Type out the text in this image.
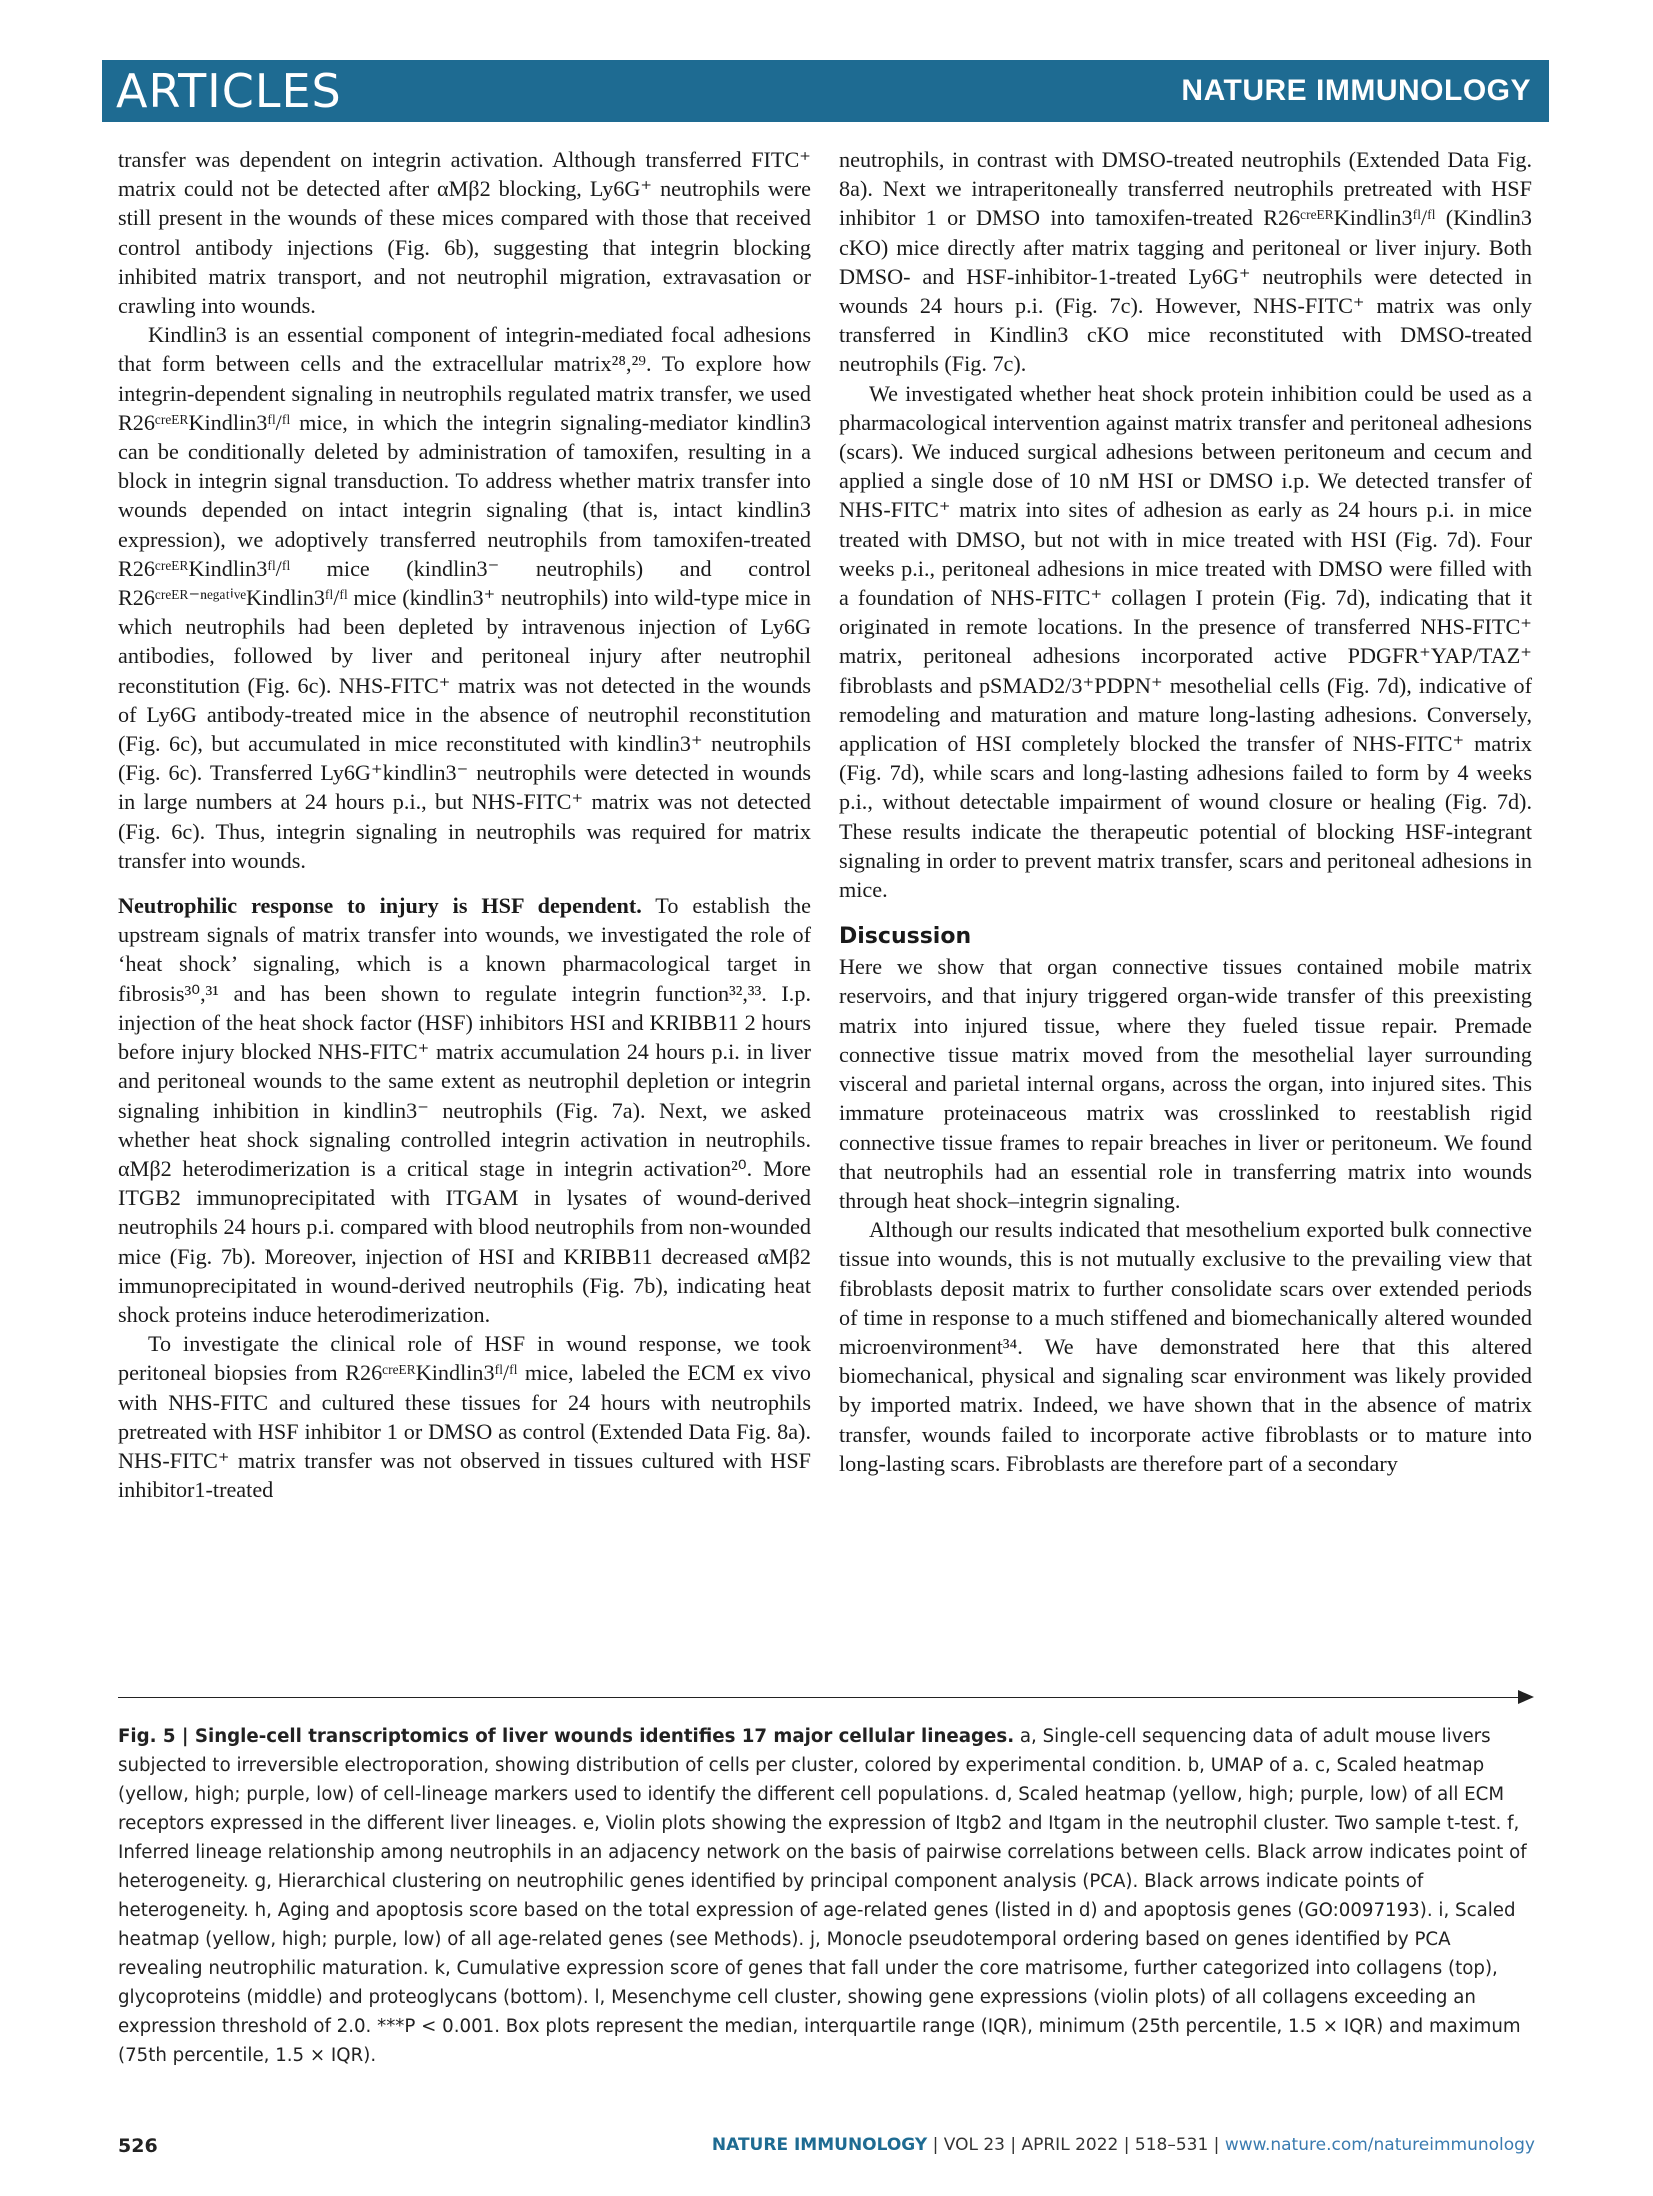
ARTICLES	NATURE IMMUNOLOGY

transfer was dependent on integrin activation. Although transferred FITC⁺ matrix could not be detected after αMβ2 blocking, Ly6G⁺ neutrophils were still present in the wounds of these mices compared with those that received control antibody injections (Fig. 6b), suggesting that integrin blocking inhibited matrix transport, and not neutrophil migration, extravasation or crawling into wounds.

Kindlin3 is an essential component of integrin-mediated focal adhesions that form between cells and the extracellular matrix²⁸,²⁹. To explore how integrin-dependent signaling in neutrophils regulated matrix transfer, we used R26ᶜʳᵉᴱᴿKindlin3ᶠˡ/ᶠˡ mice, in which the integrin signaling-mediator kindlin3 can be conditionally deleted by administration of tamoxifen, resulting in a block in integrin signal transduction. To address whether matrix transfer into wounds depended on intact integrin signaling (that is, intact kindlin3 expression), we adoptively transferred neutrophils from tamoxifen-treated R26ᶜʳᵉᴱᴿKindlin3ᶠˡ/ᶠˡ mice (kindlin3⁻ neutrophils) and control R26ᶜʳᵉᴱᴿ⁻ⁿᵉᵍᵃᵗⁱᵛᵉKindlin3ᶠˡ/ᶠˡ mice (kindlin3⁺ neutrophils) into wild-type mice in which neutrophils had been depleted by intravenous injection of Ly6G antibodies, followed by liver and peritoneal injury after neutrophil reconstitution (Fig. 6c). NHS-FITC⁺ matrix was not detected in the wounds of Ly6G antibody-treated mice in the absence of neutrophil reconstitution (Fig. 6c), but accumulated in mice reconstituted with kindlin3⁺ neutrophils (Fig. 6c). Transferred Ly6G⁺kindlin3⁻ neutrophils were detected in wounds in large numbers at 24 hours p.i., but NHS-FITC⁺ matrix was not detected (Fig. 6c). Thus, integrin signaling in neutrophils was required for matrix transfer into wounds.

Neutrophilic response to injury is HSF dependent. To establish the upstream signals of matrix transfer into wounds, we investigated the role of ‘heat shock’ signaling, which is a known pharmacological target in fibrosis³⁰,³¹ and has been shown to regulate integrin function³²,³³. I.p. injection of the heat shock factor (HSF) inhibitors HSI and KRIBB11 2 hours before injury blocked NHS-FITC⁺ matrix accumulation 24 hours p.i. in liver and peritoneal wounds to the same extent as neutrophil depletion or integrin signaling inhibition in kindlin3⁻ neutrophils (Fig. 7a). Next, we asked whether heat shock signaling controlled integrin activation in neutrophils. αMβ2 heterodimerization is a critical stage in integrin activation²⁰. More ITGB2 immunoprecipitated with ITGAM in lysates of wound-derived neutrophils 24 hours p.i. compared with blood neutrophils from non-wounded mice (Fig. 7b). Moreover, injection of HSI and KRIBB11 decreased αMβ2 immunoprecipitated in wound-derived neutrophils (Fig. 7b), indicating heat shock proteins induce heterodimerization.

To investigate the clinical role of HSF in wound response, we took peritoneal biopsies from R26ᶜʳᵉᴱᴿKindlin3ᶠˡ/ᶠˡ mice, labeled the ECM ex vivo with NHS-FITC and cultured these tissues for 24 hours with neutrophils pretreated with HSF inhibitor 1 or DMSO as control (Extended Data Fig. 8a). NHS-FITC⁺ matrix transfer was not observed in tissues cultured with HSF inhibitor1-treated

neutrophils, in contrast with DMSO-treated neutrophils (Extended Data Fig. 8a). Next we intraperitoneally transferred neutrophils pretreated with HSF inhibitor 1 or DMSO into tamoxifen-treated R26ᶜʳᵉᴱᴿKindlin3ᶠˡ/ᶠˡ (Kindlin3 cKO) mice directly after matrix tagging and peritoneal or liver injury. Both DMSO- and HSF-inhibitor-1-treated Ly6G⁺ neutrophils were detected in wounds 24 hours p.i. (Fig. 7c). However, NHS-FITC⁺ matrix was only transferred in Kindlin3 cKO mice reconstituted with DMSO-treated neutrophils (Fig. 7c).

We investigated whether heat shock protein inhibition could be used as a pharmacological intervention against matrix transfer and peritoneal adhesions (scars). We induced surgical adhesions between peritoneum and cecum and applied a single dose of 10 nM HSI or DMSO i.p. We detected transfer of NHS-FITC⁺ matrix into sites of adhesion as early as 24 hours p.i. in mice treated with DMSO, but not with in mice treated with HSI (Fig. 7d). Four weeks p.i., peritoneal adhesions in mice treated with DMSO were filled with a foundation of NHS-FITC⁺ collagen I protein (Fig. 7d), indicating that it originated in remote locations. In the presence of transferred NHS-FITC⁺ matrix, peritoneal adhesions incorporated active PDGFR⁺YAP/TAZ⁺ fibroblasts and pSMAD2/3⁺PDPN⁺ mesothelial cells (Fig. 7d), indicative of remodeling and maturation and mature long-lasting adhesions. Conversely, application of HSI completely blocked the transfer of NHS-FITC⁺ matrix (Fig. 7d), while scars and long-lasting adhesions failed to form by 4 weeks p.i., without detectable impairment of wound closure or healing (Fig. 7d). These results indicate the therapeutic potential of blocking HSF-integrant signaling in order to prevent matrix transfer, scars and peritoneal adhesions in mice.

Discussion

Here we show that organ connective tissues contained mobile matrix reservoirs, and that injury triggered organ-wide transfer of this preexisting matrix into injured tissue, where they fueled tissue repair. Premade connective tissue matrix moved from the mesothelial layer surrounding visceral and parietal internal organs, across the organ, into injured sites. This immature proteinaceous matrix was crosslinked to reestablish rigid connective tissue frames to repair breaches in liver or peritoneum. We found that neutrophils had an essential role in transferring matrix into wounds through heat shock–integrin signaling.

Although our results indicated that mesothelium exported bulk connective tissue into wounds, this is not mutually exclusive to the prevailing view that fibroblasts deposit matrix to further consolidate scars over extended periods of time in response to a much stiffened and biomechanically altered wounded microenvironment³⁴. We have demonstrated here that this altered biomechanical, physical and signaling scar environment was likely provided by imported matrix. Indeed, we have shown that in the absence of matrix transfer, wounds failed to incorporate active fibroblasts or to mature into long-lasting scars. Fibroblasts are therefore part of a secondary

Fig. 5 | Single-cell transcriptomics of liver wounds identifies 17 major cellular lineages. a, Single-cell sequencing data of adult mouse livers subjected to irreversible electroporation, showing distribution of cells per cluster, colored by experimental condition. b, UMAP of a. c, Scaled heatmap (yellow, high; purple, low) of cell-lineage markers used to identify the different cell populations. d, Scaled heatmap (yellow, high; purple, low) of all ECM receptors expressed in the different liver lineages. e, Violin plots showing the expression of Itgb2 and Itgam in the neutrophil cluster. Two sample t-test. f, Inferred lineage relationship among neutrophils in an adjacency network on the basis of pairwise correlations between cells. Black arrow indicates point of heterogeneity. g, Hierarchical clustering on neutrophilic genes identified by principal component analysis (PCA). Black arrows indicate points of heterogeneity. h, Aging and apoptosis score based on the total expression of age-related genes (listed in d) and apoptosis genes (GO:0097193). i, Scaled heatmap (yellow, high; purple, low) of all age-related genes (see Methods). j, Monocle pseudotemporal ordering based on genes identified by PCA revealing neutrophilic maturation. k, Cumulative expression score of genes that fall under the core matrisome, further categorized into collagens (top), glycoproteins (middle) and proteoglycans (bottom). l, Mesenchyme cell cluster, showing gene expressions (violin plots) of all collagens exceeding an expression threshold of 2.0. ***P < 0.001. Box plots represent the median, interquartile range (IQR), minimum (25th percentile, 1.5 × IQR) and maximum (75th percentile, 1.5 × IQR).
526	NATURE IMMUNOLOGY | VOL 23 | APRIL 2022 | 518–531 | www.nature.com/natureimmunology
